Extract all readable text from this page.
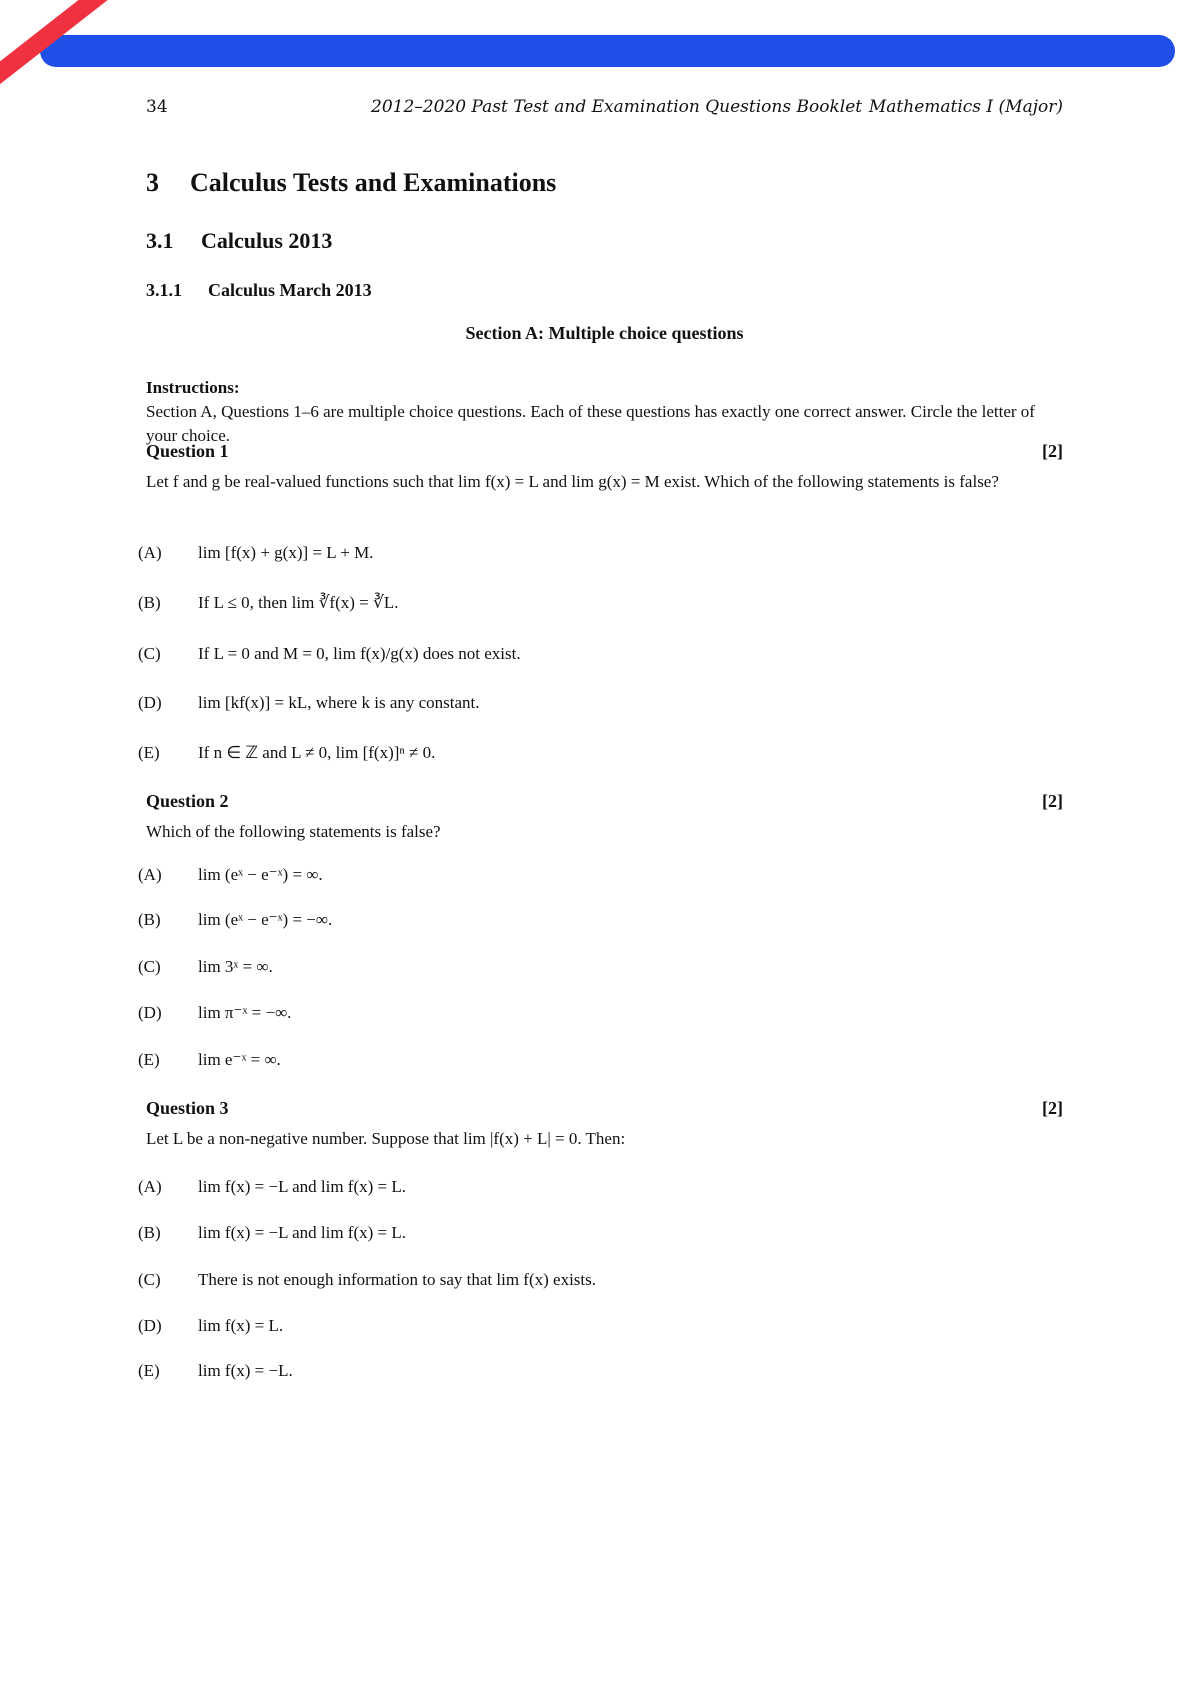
34	2012–2020 Past Test and Examination Questions Booklet Mathematics I (Major)
3 Calculus Tests and Examinations
3.1 Calculus 2013
3.1.1 Calculus March 2013
Section A: Multiple choice questions
Instructions:
Section A, Questions 1–6 are multiple choice questions. Each of these questions has exactly one correct answer. Circle the letter of your choice.
Question 1	[2]
Let f and g be real-valued functions such that lim f(x) = L and lim g(x) = M exist. Which of the following statements is false?
(A) lim [f(x) + g(x)] = L + M.
(B) If L ≤ 0, then lim ∛f(x) = ∛L.
(C) If L = 0 and M = 0, lim f(x)/g(x) does not exist.
(D) lim [kf(x)] = kL, where k is any constant.
(E) If n ∈ ℤ and L ≠ 0, lim [f(x)]ⁿ ≠ 0.
Question 2	[2]
Which of the following statements is false?
(A) lim (eˣ − e⁻ˣ) = ∞.
(B) lim (eˣ − e⁻ˣ) = −∞.
(C) lim 3ˣ = ∞.
(D) lim π⁻ˣ = −∞.
(E) lim e⁻ˣ = ∞.
Question 3	[2]
Let L be a non-negative number. Suppose that lim |f(x) + L| = 0. Then:
(A) lim f(x) = −L and lim f(x) = L.
(B) lim f(x) = −L and lim f(x) = L.
(C) There is not enough information to say that lim f(x) exists.
(D) lim f(x) = L.
(E) lim f(x) = −L.
